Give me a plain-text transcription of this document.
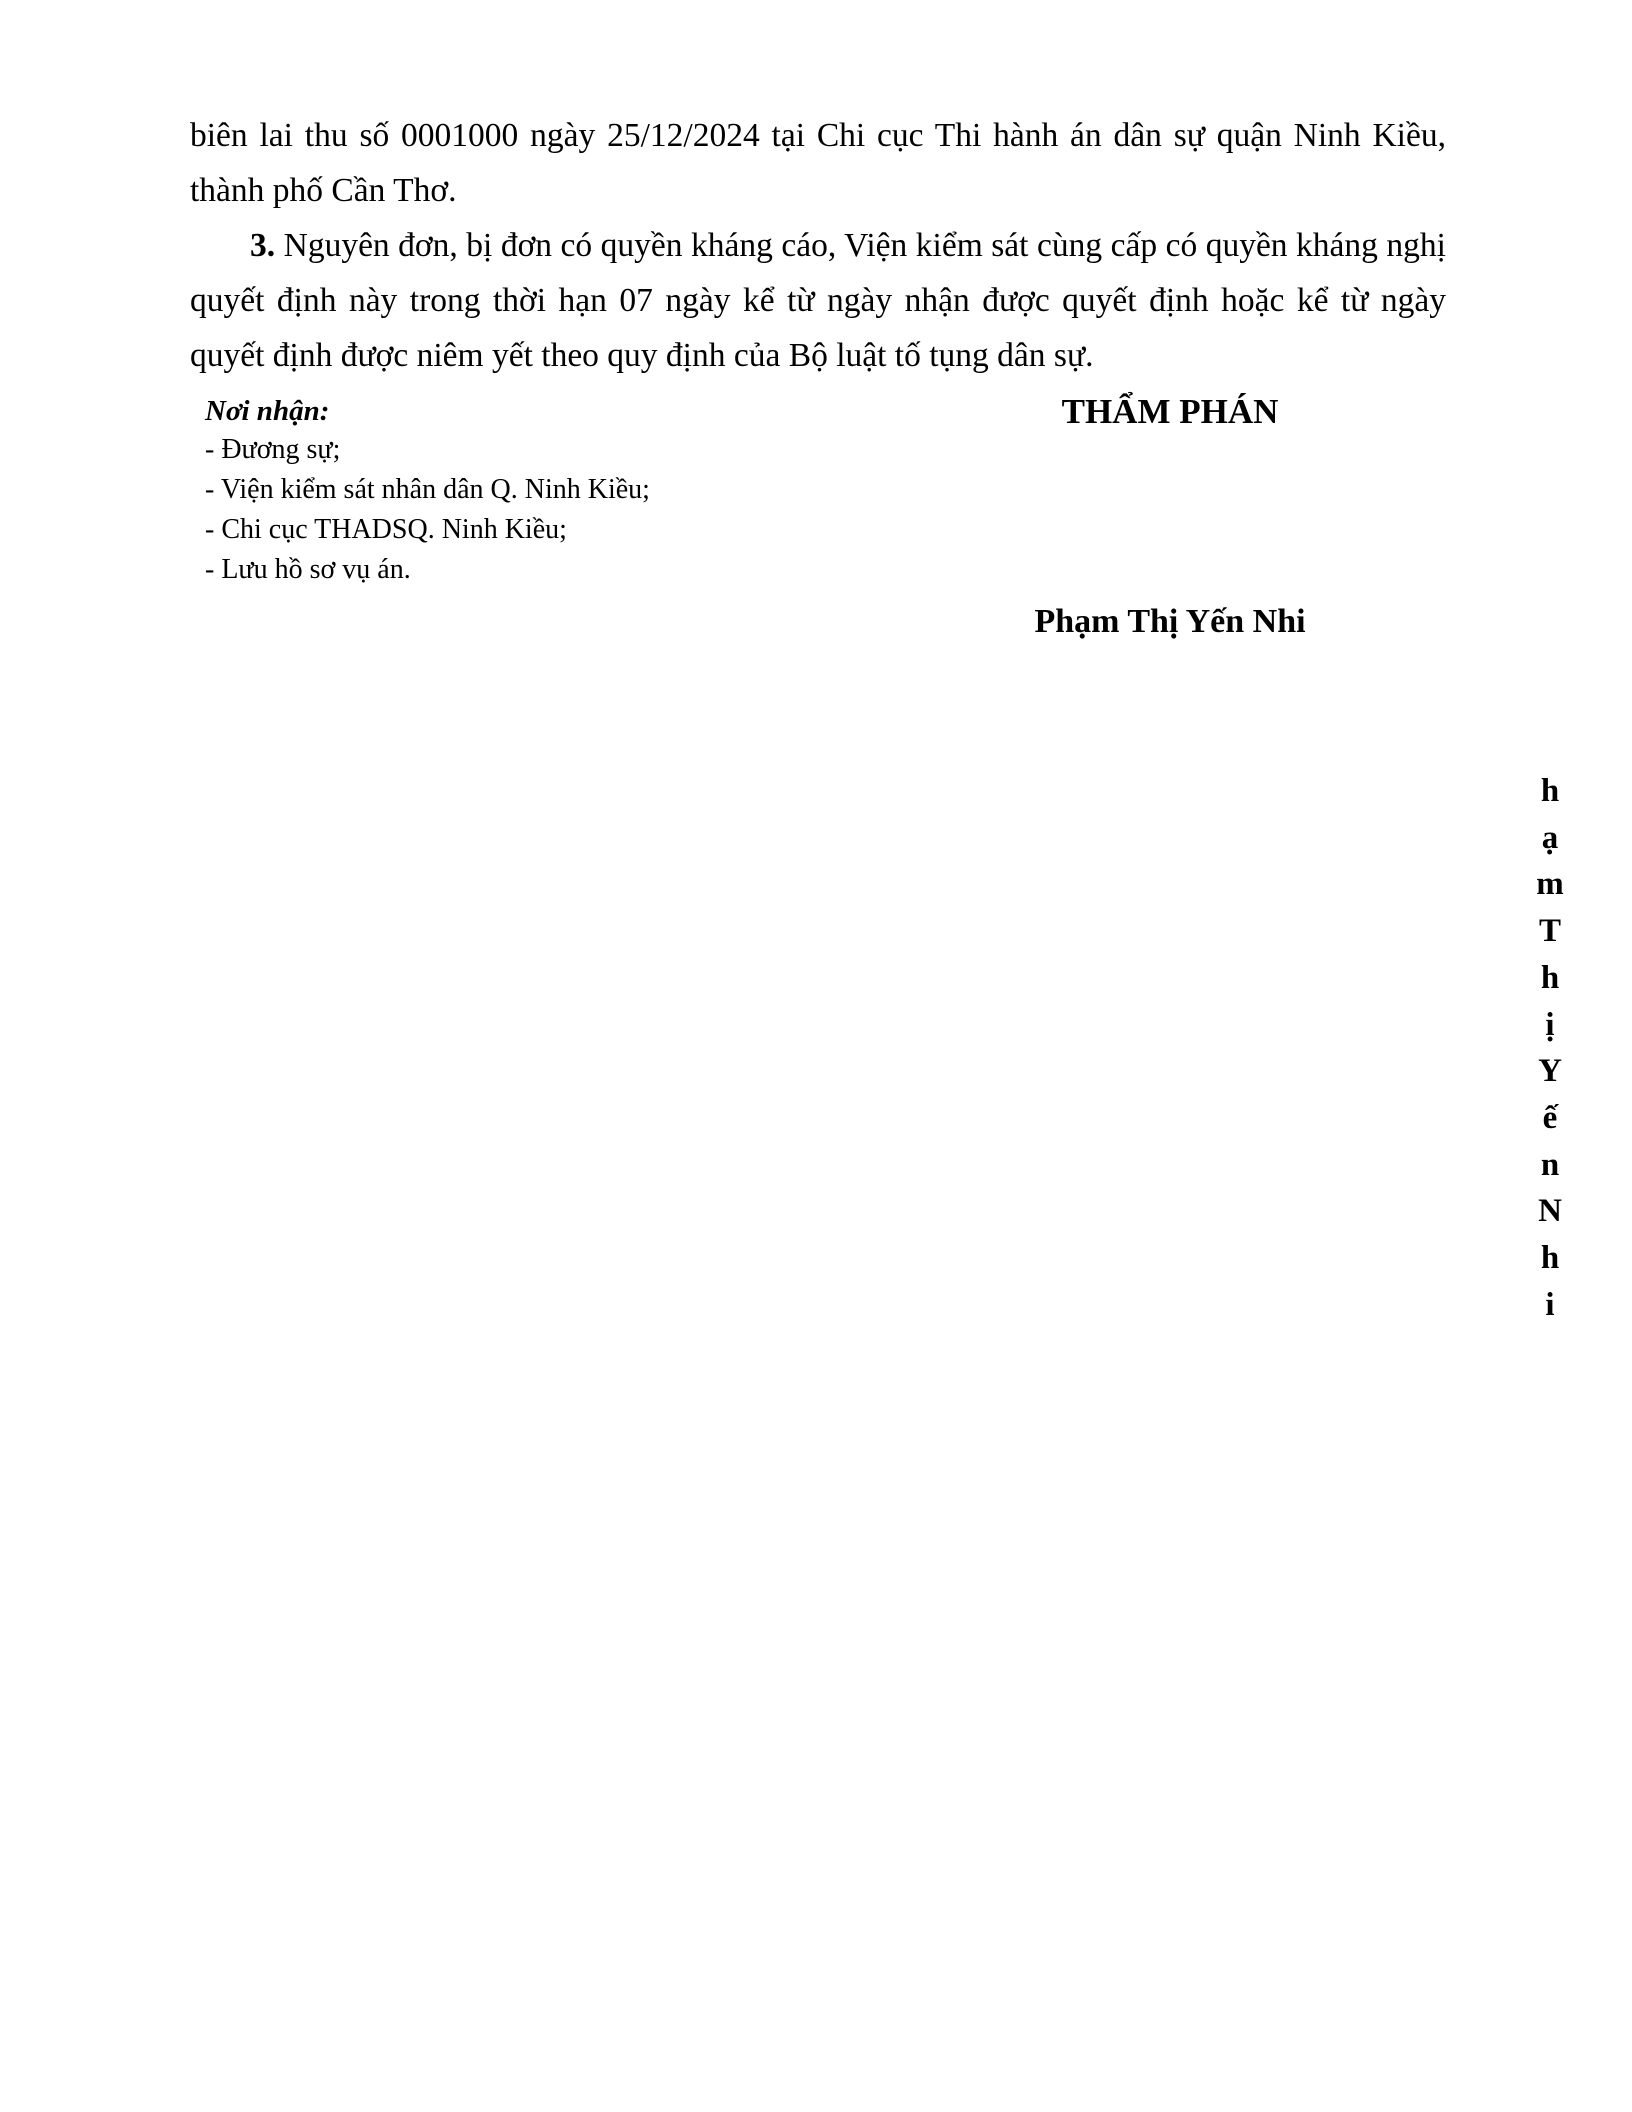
biên lai thu số 0001000 ngày 25/12/2024 tại Chi cục Thi hành án dân sự quận Ninh Kiều, thành phố Cần Thơ.

3. Nguyên đơn, bị đơn có quyền kháng cáo, Viện kiểm sát cùng cấp có quyền kháng nghị quyết định này trong thời hạn 07 ngày kể từ ngày nhận được quyết định hoặc kể từ ngày quyết định được niêm yết theo quy định của Bộ luật tố tụng dân sự.

Nơi nhận:
- Đương sự;
- Viện kiểm sát nhân dân Q. Ninh Kiều;
- Chi cục THADSQ. Ninh Kiều;
- Lưu hồ sơ vụ án.
THẨM PHÁN
Phạm Thị Yến Nhi
h
ạ
m
T
h
ị
Y
ế
n
N
h
i
